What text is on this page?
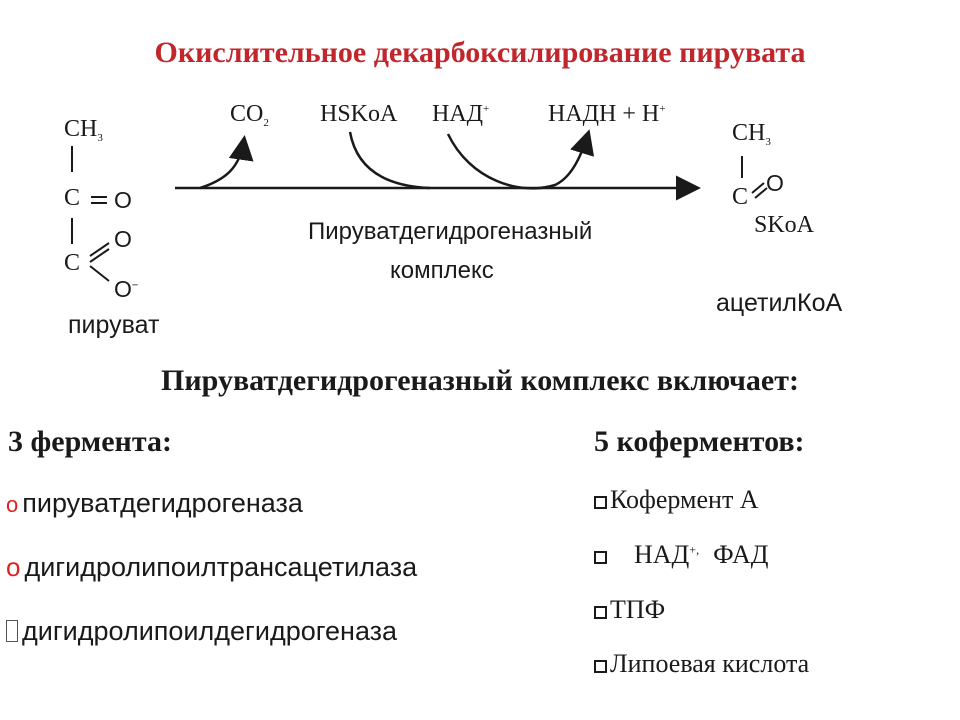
Окислительное декарбоксилирование пирувата
$CH_3$
C O
C
O
O−
пируват
$CO_2$ HSKoA НАД+ НАДН + Н+
Пируватдегидрогеназный
комплекс
$CH_3$
C
O
SKoA
ацетилКоА
Пируватдегидрогеназный комплекс включает:
3 фермента:
o пируватдегидрогеназа
o дигидролипоилтрансацетилаза
дигидролипоилдегидрогеназа
5 коферментов:
Кофермент А
НАД+, ФАД
ТПФ
Липоевая кислота
